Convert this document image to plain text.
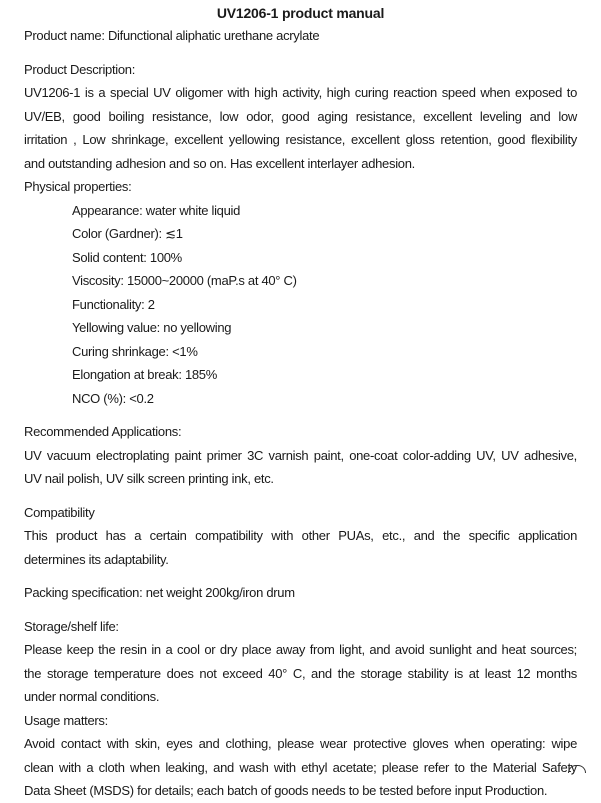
UV1206-1 product manual
Product name: Difunctional aliphatic urethane acrylate
Product Description:
UV1206-1 is a special UV oligomer with high activity, high curing reaction speed when exposed to
UV/EB, good boiling resistance, low odor, good aging resistance, excellent leveling and low
irritation , Low shrinkage, excellent yellowing resistance, excellent gloss retention, good flexibility
and outstanding adhesion and so on. Has excellent interlayer adhesion.
Physical properties:
Appearance: water white liquid
Color (Gardner): ≲1
Solid content: 100%
Viscosity: 15000~20000 (maP.s at 40° C)
Functionality: 2
Yellowing value: no yellowing
Curing shrinkage: <1%
Elongation at break: 185%
NCO (%): <0.2
Recommended Applications:
UV vacuum electroplating paint primer 3C varnish paint, one-coat color-adding UV, UV adhesive,
UV nail polish, UV silk screen printing ink, etc.
Compatibility
This product has a certain compatibility with other PUAs, etc., and the specific application
determines its adaptability.
Packing specification: net weight 200kg/iron drum
Storage/shelf life:
Please keep the resin in a cool or dry place away from light, and avoid sunlight and heat sources;
the storage temperature does not exceed 40° C, and the storage stability is at least 12 months
under normal conditions.
Usage matters:
Avoid contact with skin, eyes and clothing, please wear protective gloves when operating: wipe
clean with a cloth when leaking, and wash with ethyl acetate; please refer to the Material Safety
Data Sheet (MSDS) for details; each batch of goods needs to be tested before input Production.
